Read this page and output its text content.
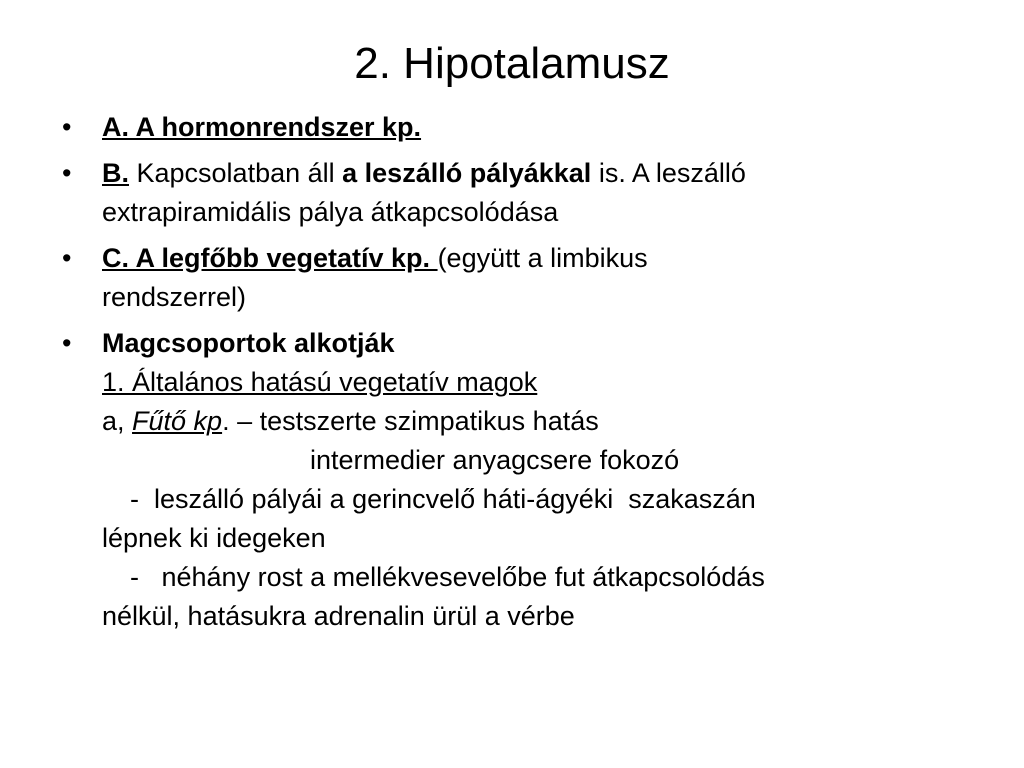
2. Hipotalamusz
•	A. A hormonrendszer kp.
•	B. Kapcsolatban áll a leszálló pályákkal is. A leszálló
extrapiramidális pálya átkapcsolódása
•	C. A legfőbb vegetatív kp. (együtt a limbikus
rendszerrel)
•	Magcsoportok alkotják
1. Általános hatású vegetatív magok
a, Fűtő kp. – testszerte szimpatikus hatás
intermedier anyagcsere fokozó
-  leszálló pályái a gerincvelő háti-ágyéki  szakaszán
lépnek ki idegeken
-   néhány rost a mellékvesevelőbe fut átkapcsolódás
nélkül, hatásukra adrenalin ürül a vérbe
